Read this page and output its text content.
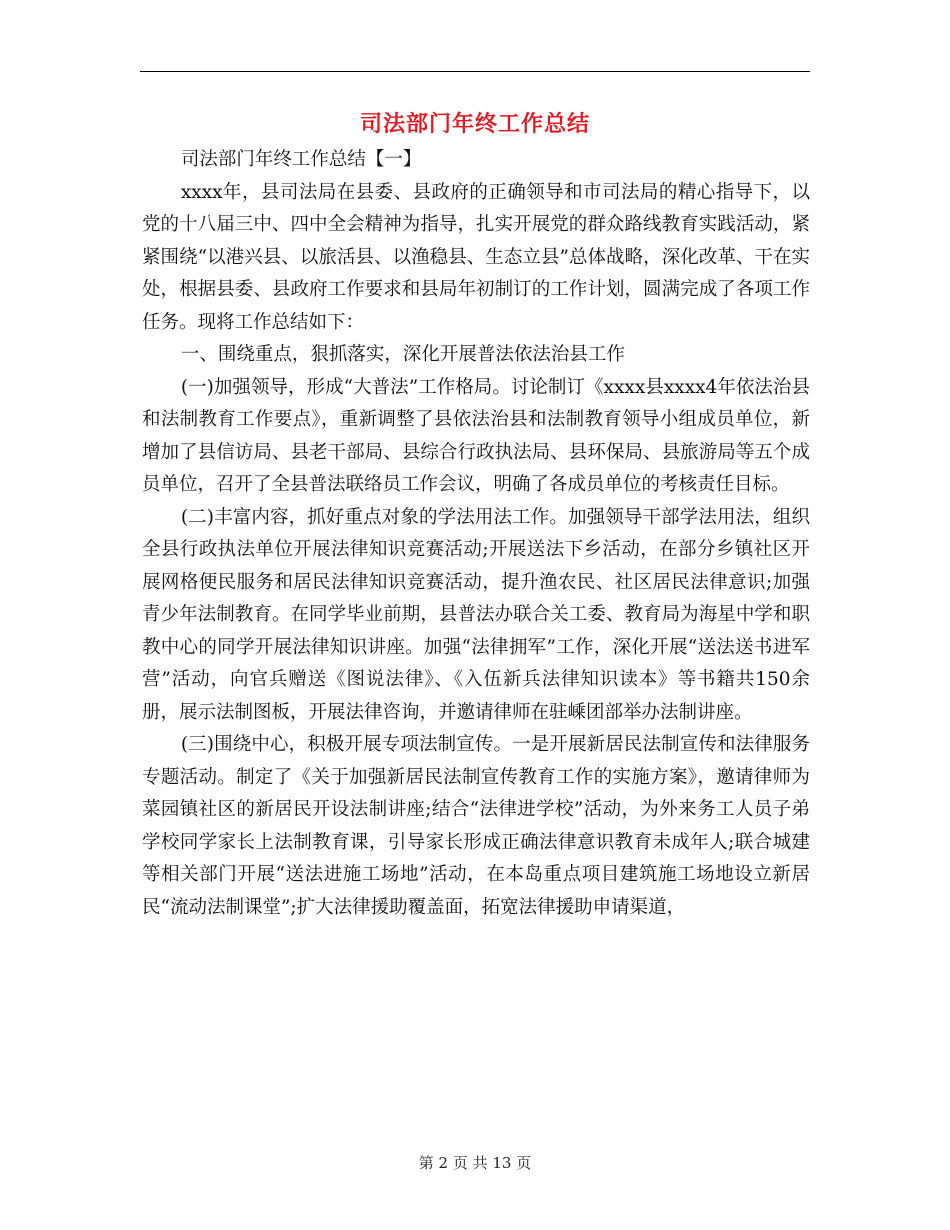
司法部门年终工作总结

司法部门年终工作总结【一】

xxxx年，县司法局在县委、县政府的正确领导和市司法局的精心指导下，以党的十八届三中、四中全会精神为指导，扎实开展党的群众路线教育实践活动，紧紧围绕“以港兴县、以旅活县、以渔稳县、生态立县”总体战略，深化改革、干在实处，根据县委、县政府工作要求和县局年初制订的工作计划，圆满完成了各项工作任务。现将工作总结如下：

一、围绕重点，狠抓落实，深化开展普法依法治县工作

(一)加强领导，形成“大普法”工作格局。讨论制订《xxxx县xxxx4年依法治县和法制教育工作要点》，重新调整了县依法治县和法制教育领导小组成员单位，新增加了县信访局、县老干部局、县综合行政执法局、县环保局、县旅游局等五个成员单位，召开了全县普法联络员工作会议，明确了各成员单位的考核责任目标。

(二)丰富内容，抓好重点对象的学法用法工作。加强领导干部学法用法，组织全县行政执法单位开展法律知识竞赛活动;开展送法下乡活动，在部分乡镇社区开展网格便民服务和居民法律知识竞赛活动，提升渔农民、社区居民法律意识;加强青少年法制教育。在同学毕业前期，县普法办联合关工委、教育局为海星中学和职教中心的同学开展法律知识讲座。加强“法律拥军”工作，深化开展“送法送书进军营”活动，向官兵赠送《图说法律》、《入伍新兵法律知识读本》等书籍共150余册，展示法制图板，开展法律咨询，并邀请律师在驻嵊团部举办法制讲座。

(三)围绕中心，积极开展专项法制宣传。一是开展新居民法制宣传和法律服务专题活动。制定了《关于加强新居民法制宣传教育工作的实施方案》，邀请律师为菜园镇社区的新居民开设法制讲座;结合“法律进学校”活动，为外来务工人员子弟学校同学家长上法制教育课，引导家长形成正确法律意识教育未成年人;联合城建等相关部门开展“送法进施工场地”活动，在本岛重点项目建筑施工场地设立新居民“流动法制课堂”;扩大法律援助覆盖面，拓宽法律援助申请渠道，

第 2 页 共 13 页
